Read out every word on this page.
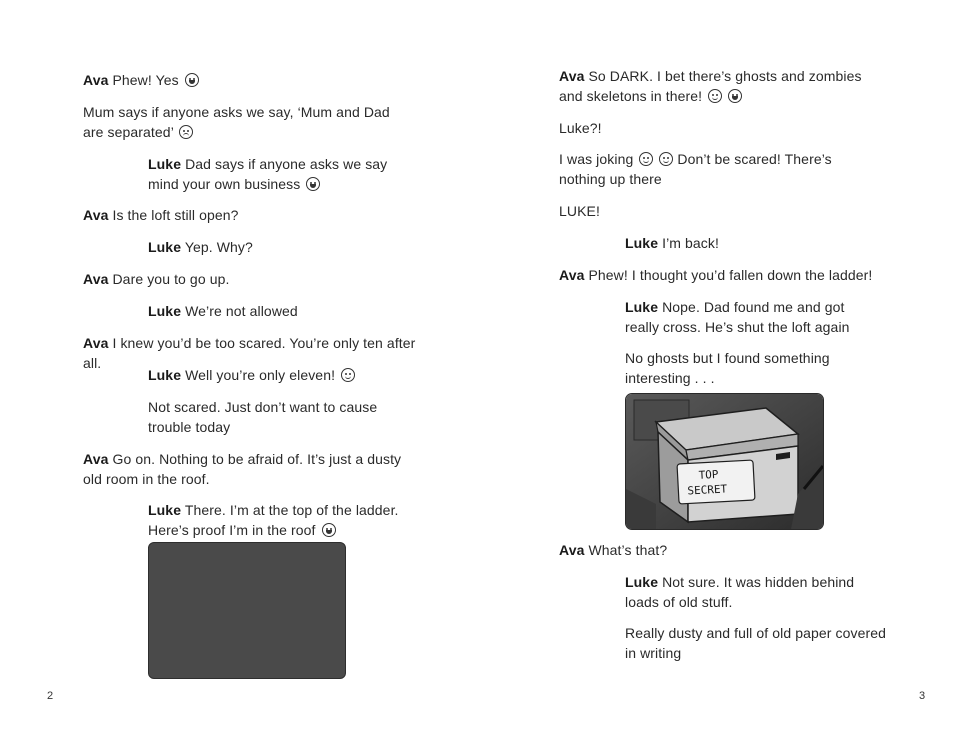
Ava Phew! Yes
Mum says if anyone asks we say, ‘Mum and Dad are separated’
Luke Dad says if anyone asks we say mind your own business
Ava Is the loft still open?
Luke Yep. Why?
Ava Dare you to go up.
Luke We’re not allowed
Ava I knew you’d be too scared. You’re only ten after all.
Luke Well you’re only eleven!
Not scared. Just don’t want to cause trouble today
Ava Go on. Nothing to be afraid of. It’s just a dusty old room in the roof.
Luke There. I’m at the top of the ladder. Here’s proof I’m in the roof
2
Ava So DARK. I bet there’s ghosts and zombies and skeletons in there!

Luke?!
I was joking
	Don’t be scared! There’s nothing up there
LUKE!
Luke I’m back!
Ava Phew! I thought you’d fallen down the ladder!
Luke Nope. Dad found me and got really cross. He’s shut the loft again
No ghosts but I found something interesting . . .
TOP
SECRET
Ava What’s that?
Luke Not sure. It was hidden behind loads of old stuff.
Really dusty and full of old paper covered in writing
3
